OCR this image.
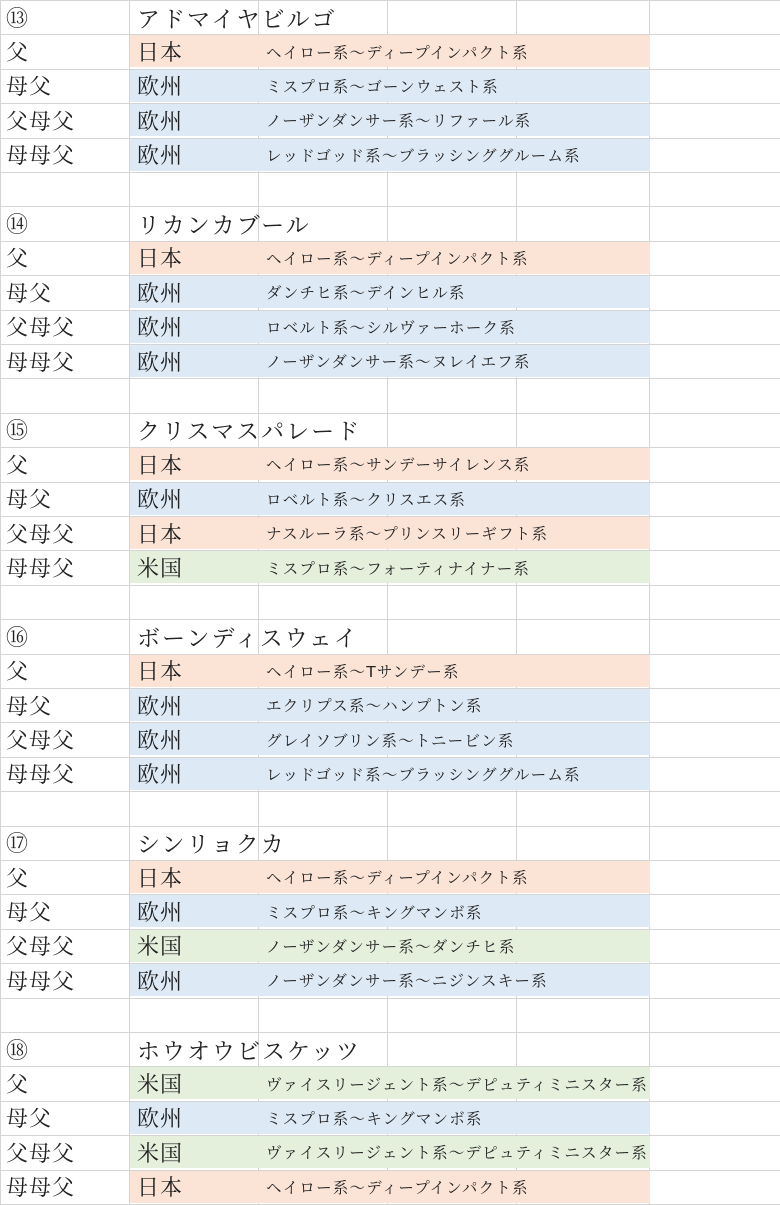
⑬	アドマイヤビルゴ
父	日本	ヘイロー系〜ディープインパクト系
母父	欧州	ミスプロ系〜ゴーンウェスト系
父母父	欧州	ノーザンダンサー系〜リファール系
母母父	欧州	レッドゴッド系〜ブラッシンググルーム系
⑭	リカンカブール
父	日本	ヘイロー系〜ディープインパクト系
母父	欧州	ダンチヒ系〜デインヒル系
父母父	欧州	ロベルト系〜シルヴァーホーク系
母母父	欧州	ノーザンダンサー系〜ヌレイエフ系
⑮	クリスマスパレード
父	日本	ヘイロー系〜サンデーサイレンス系
母父	欧州	ロベルト系〜クリスエス系
父母父	日本	ナスルーラ系〜プリンスリーギフト系
母母父	米国	ミスプロ系〜フォーティナイナー系
⑯	ボーンディスウェイ
父	日本	ヘイロー系〜Tサンデー系
母父	欧州	エクリプス系〜ハンプトン系
父母父	欧州	グレイソブリン系〜トニービン系
母母父	欧州	レッドゴッド系〜ブラッシンググルーム系
⑰	シンリョクカ
父	日本	ヘイロー系〜ディープインパクト系
母父	欧州	ミスプロ系〜キングマンボ系
父母父	米国	ノーザンダンサー系〜ダンチヒ系
母母父	欧州	ノーザンダンサー系〜ニジンスキー系
⑱	ホウオウビスケッツ
父	米国	ヴァイスリージェント系〜デピュティミニスター系
母父	欧州	ミスプロ系〜キングマンボ系
父母父	米国	ヴァイスリージェント系〜デピュティミニスター系
母母父	日本	ヘイロー系〜ディープインパクト系
